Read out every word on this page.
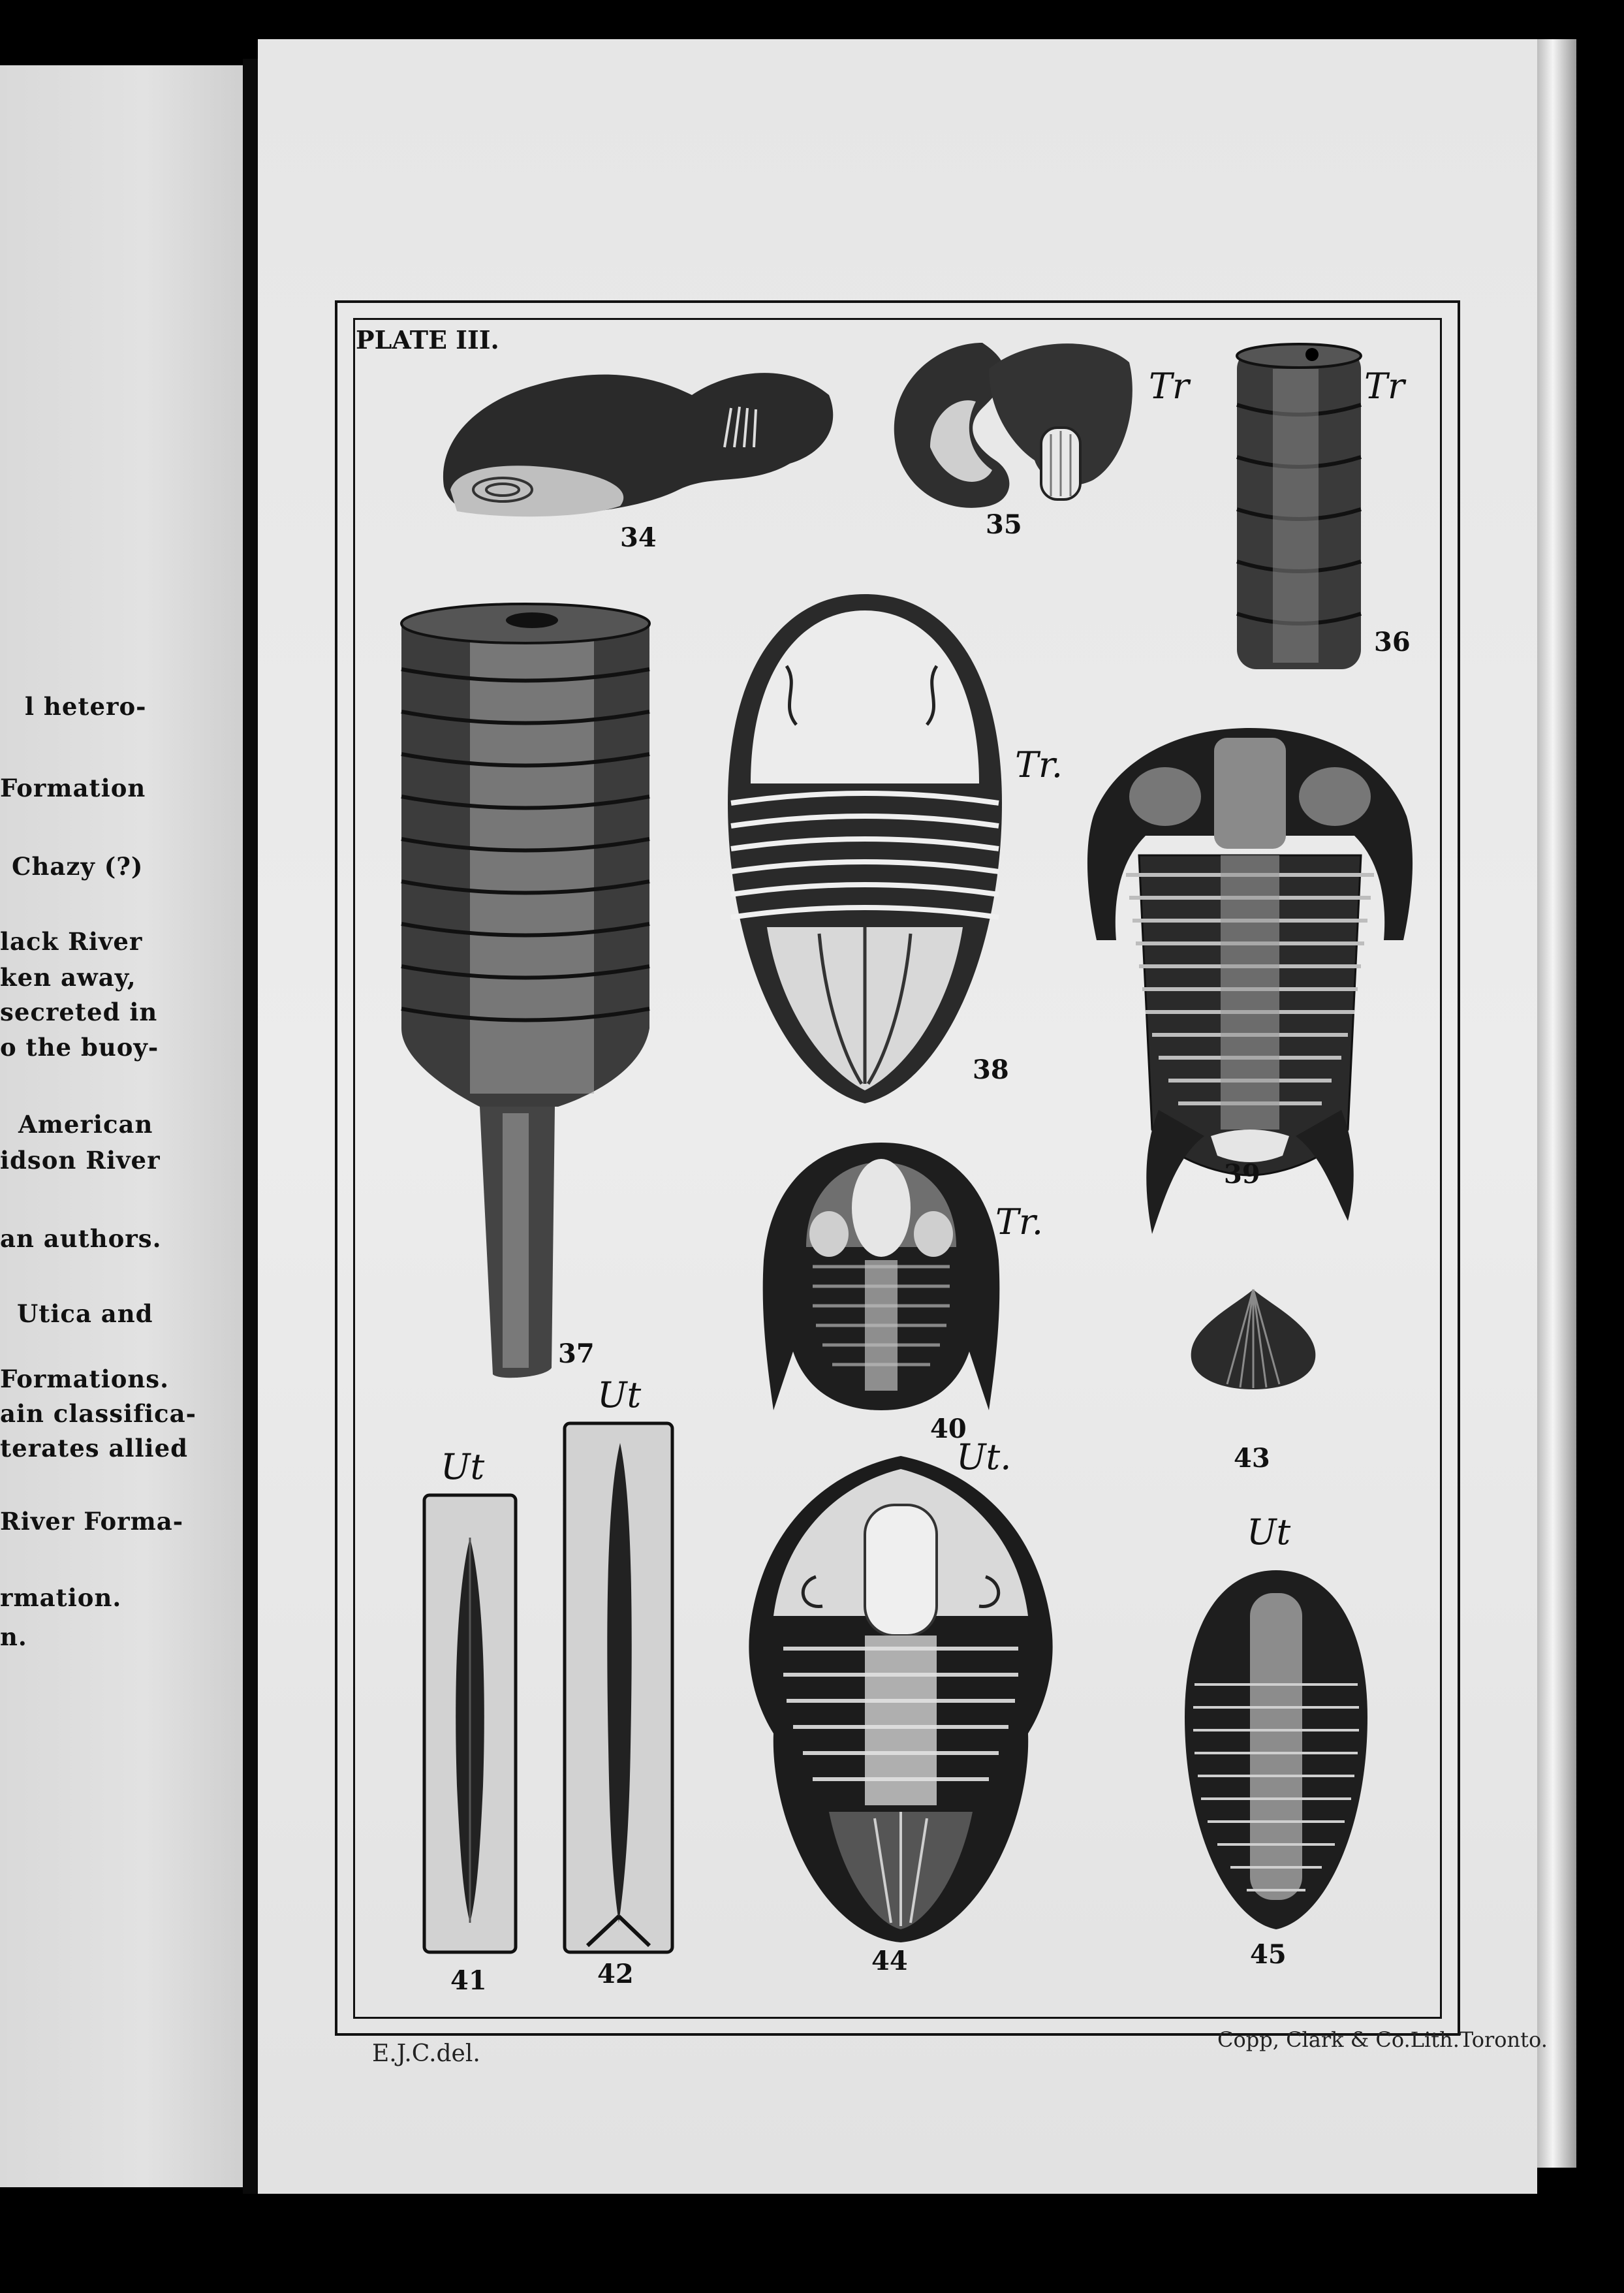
l hetero-
Formation
Chazy (?)
lack River
ken away,
secreted in
o the buoy-
American
idson River
an authors.
Utica and
Formations.
ain classifica-
terates allied
River Forma-
rmation.
n.
PLATE III.
34
Tr
35
Tr
36
37
Tr.
38
39
Tr.
40
43
Ut
41
Ut
42
Ut.
44
Ut
45
E.J.C.del.
Copp, Clark & Co.Lith.Toronto.
